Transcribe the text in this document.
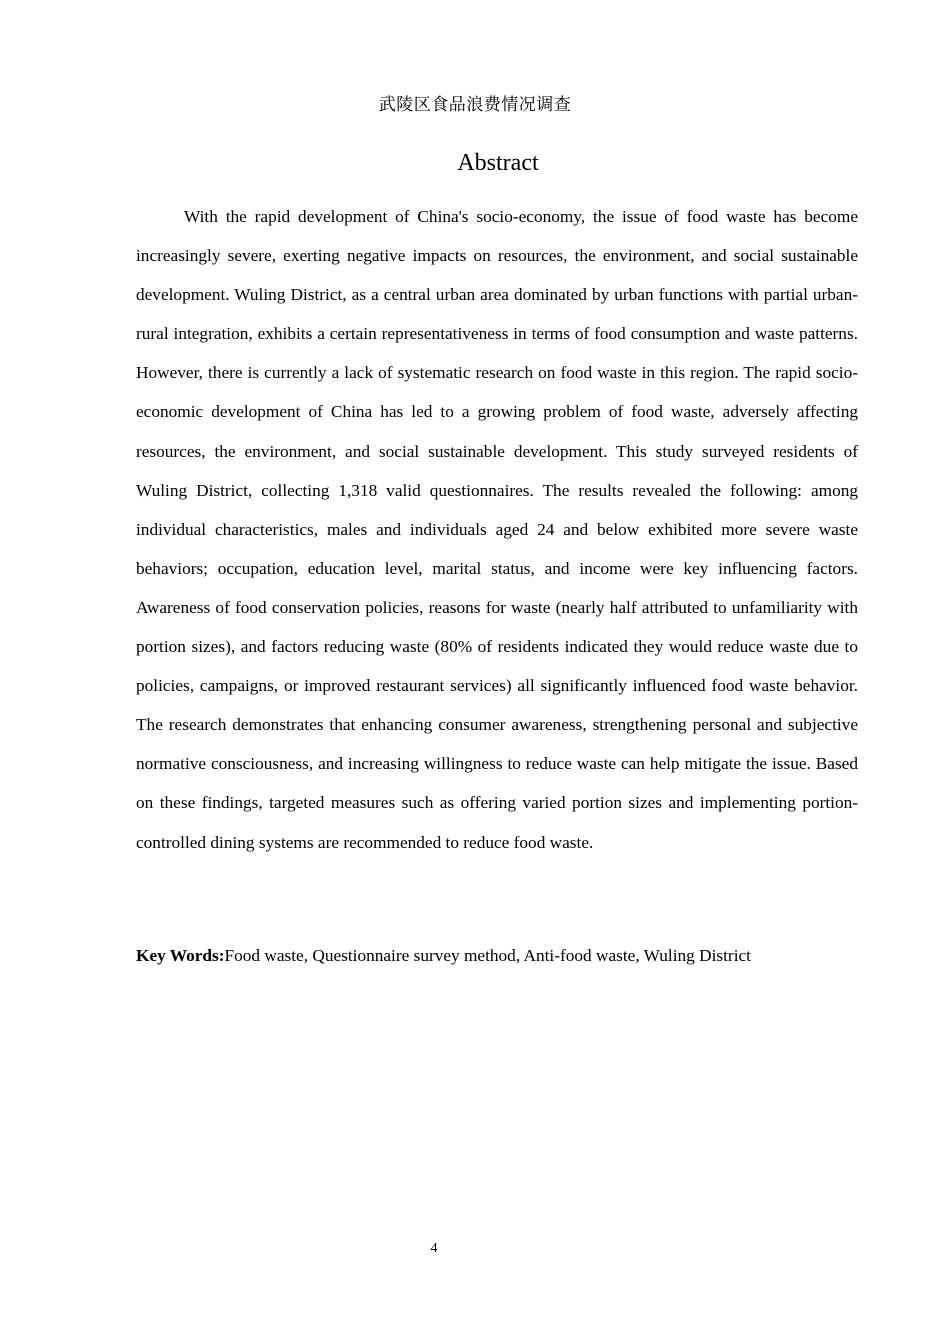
武陵区食品浪费情况调查
Abstract

With the rapid development of China's socio-economy, the issue of food waste has become increasingly severe, exerting negative impacts on resources, the environment, and social sustainable development. Wuling District, as a central urban area dominated by urban functions with partial urban-rural integration, exhibits a certain representativeness in terms of food consumption and waste patterns. However, there is currently a lack of systematic research on food waste in this region. The rapid socio-economic development of China has led to a growing problem of food waste, adversely affecting resources, the environment, and social sustainable development. This study surveyed residents of Wuling District, collecting 1,318 valid questionnaires. The results revealed the following: among individual characteristics, males and individuals aged 24 and below exhibited more severe waste behaviors; occupation, education level, marital status, and income were key influencing factors. Awareness of food conservation policies, reasons for waste (nearly half attributed to unfamiliarity with portion sizes), and factors reducing waste (80% of residents indicated they would reduce waste due to policies, campaigns, or improved restaurant services) all significantly influenced food waste behavior. The research demonstrates that enhancing consumer awareness, strengthening personal and subjective normative consciousness, and increasing willingness to reduce waste can help mitigate the issue. Based on these findings, targeted measures such as offering varied portion sizes and implementing portion-controlled dining systems are recommended to reduce food waste.

Key Words:Food waste, Questionnaire survey method, Anti-food waste, Wuling District

4
